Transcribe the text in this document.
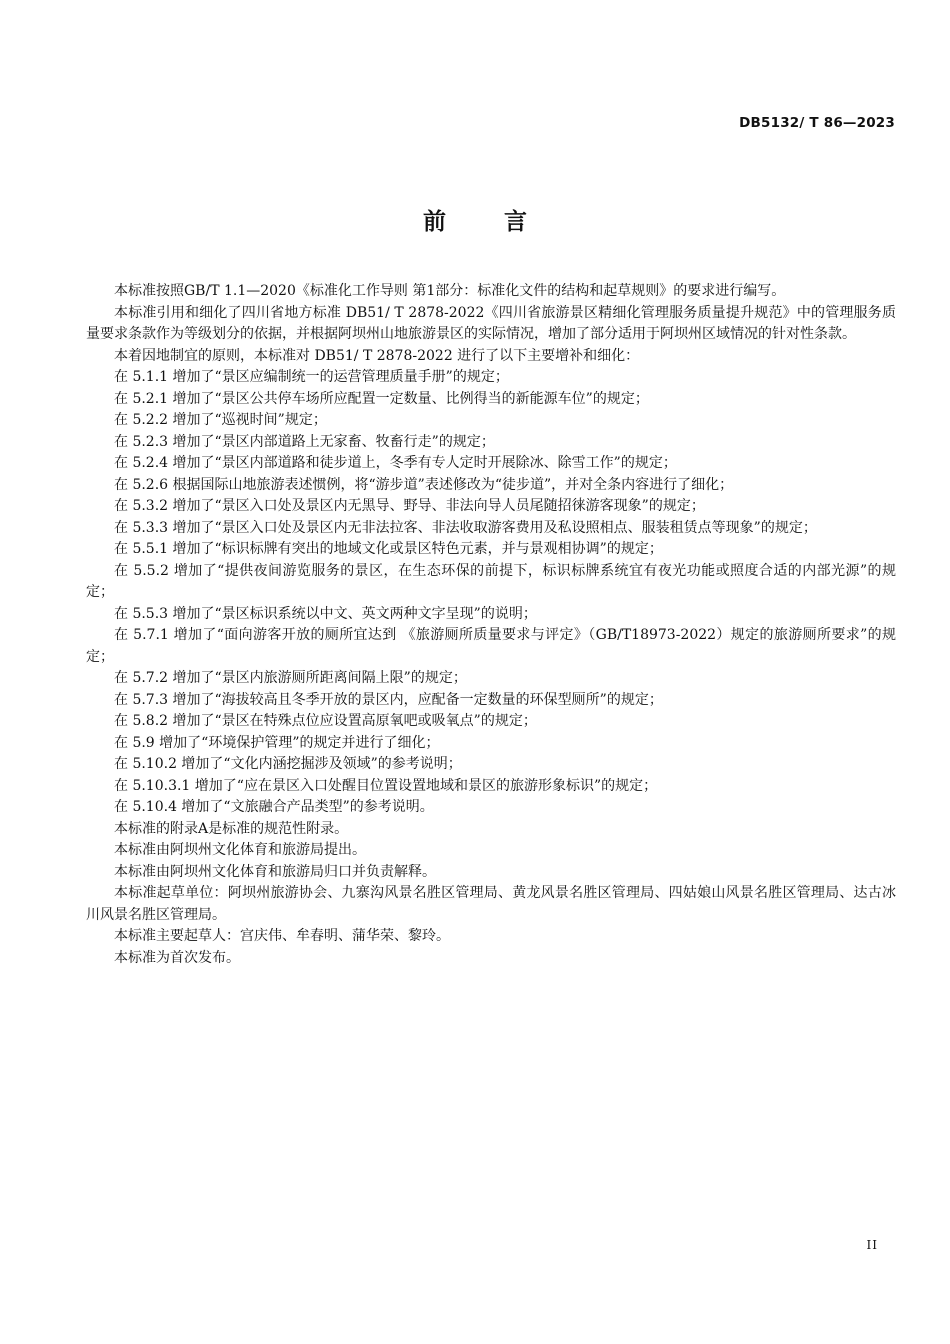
DB5132/ T 86—2023
前言

本标准按照GB/T 1.1—2020《标准化工作导则 第1部分：标准化文件的结构和起草规则》的要求进行编写。

本标准引用和细化了四川省地方标准 DB51/ T 2878-2022《四川省旅游景区精细化管理服务质量提升规范》中的管理服务质量要求条款作为等级划分的依据，并根据阿坝州山地旅游景区的实际情况，增加了部分适用于阿坝州区域情况的针对性条款。

本着因地制宜的原则，本标准对 DB51/ T 2878-2022 进行了以下主要增补和细化：

在 5.1.1 增加了“景区应编制统一的运营管理质量手册”的规定；

在 5.2.1 增加了“景区公共停车场所应配置一定数量、比例得当的新能源车位”的规定；

在 5.2.2 增加了“巡视时间”规定；

在 5.2.3 增加了“景区内部道路上无家畜、牧畜行走”的规定；

在 5.2.4 增加了“景区内部道路和徒步道上，冬季有专人定时开展除冰、除雪工作”的规定；

在 5.2.6 根据国际山地旅游表述惯例，将“游步道”表述修改为“徒步道”，并对全条内容进行了细化；

在 5.3.2 增加了“景区入口处及景区内无黑导、野导、非法向导人员尾随招徕游客现象”的规定；

在 5.3.3 增加了“景区入口处及景区内无非法拉客、非法收取游客费用及私设照相点、服装租赁点等现象”的规定；

在 5.5.1 增加了“标识标牌有突出的地域文化或景区特色元素，并与景观相协调”的规定；

在 5.5.2 增加了“提供夜间游览服务的景区，在生态环保的前提下，标识标牌系统宜有夜光功能或照度合适的内部光源”的规定；

在 5.5.3 增加了“景区标识系统以中文、英文两种文字呈现”的说明；

在 5.7.1 增加了“面向游客开放的厕所宜达到 《旅游厕所质量要求与评定》（GB/T18973-2022）规定的旅游厕所要求”的规定；

在 5.7.2 增加了“景区内旅游厕所距离间隔上限”的规定；

在 5.7.3 增加了“海拔较高且冬季开放的景区内，应配备一定数量的环保型厕所”的规定；

在 5.8.2 增加了“景区在特殊点位应设置高原氧吧或吸氧点”的规定；

在 5.9 增加了“环境保护管理”的规定并进行了细化；

在 5.10.2 增加了“文化内涵挖掘涉及领域”的参考说明；

在 5.10.3.1 增加了“应在景区入口处醒目位置设置地域和景区的旅游形象标识”的规定；

在 5.10.4 增加了“文旅融合产品类型”的参考说明。

本标准的附录A是标准的规范性附录。

本标准由阿坝州文化体育和旅游局提出。

本标准由阿坝州文化体育和旅游局归口并负责解释。

本标准起草单位：阿坝州旅游协会、九寨沟风景名胜区管理局、黄龙风景名胜区管理局、四姑娘山风景名胜区管理局、达古冰川风景名胜区管理局。

本标准主要起草人：宫庆伟、牟春明、蒲华荣、黎玲。

本标准为首次发布。

II
